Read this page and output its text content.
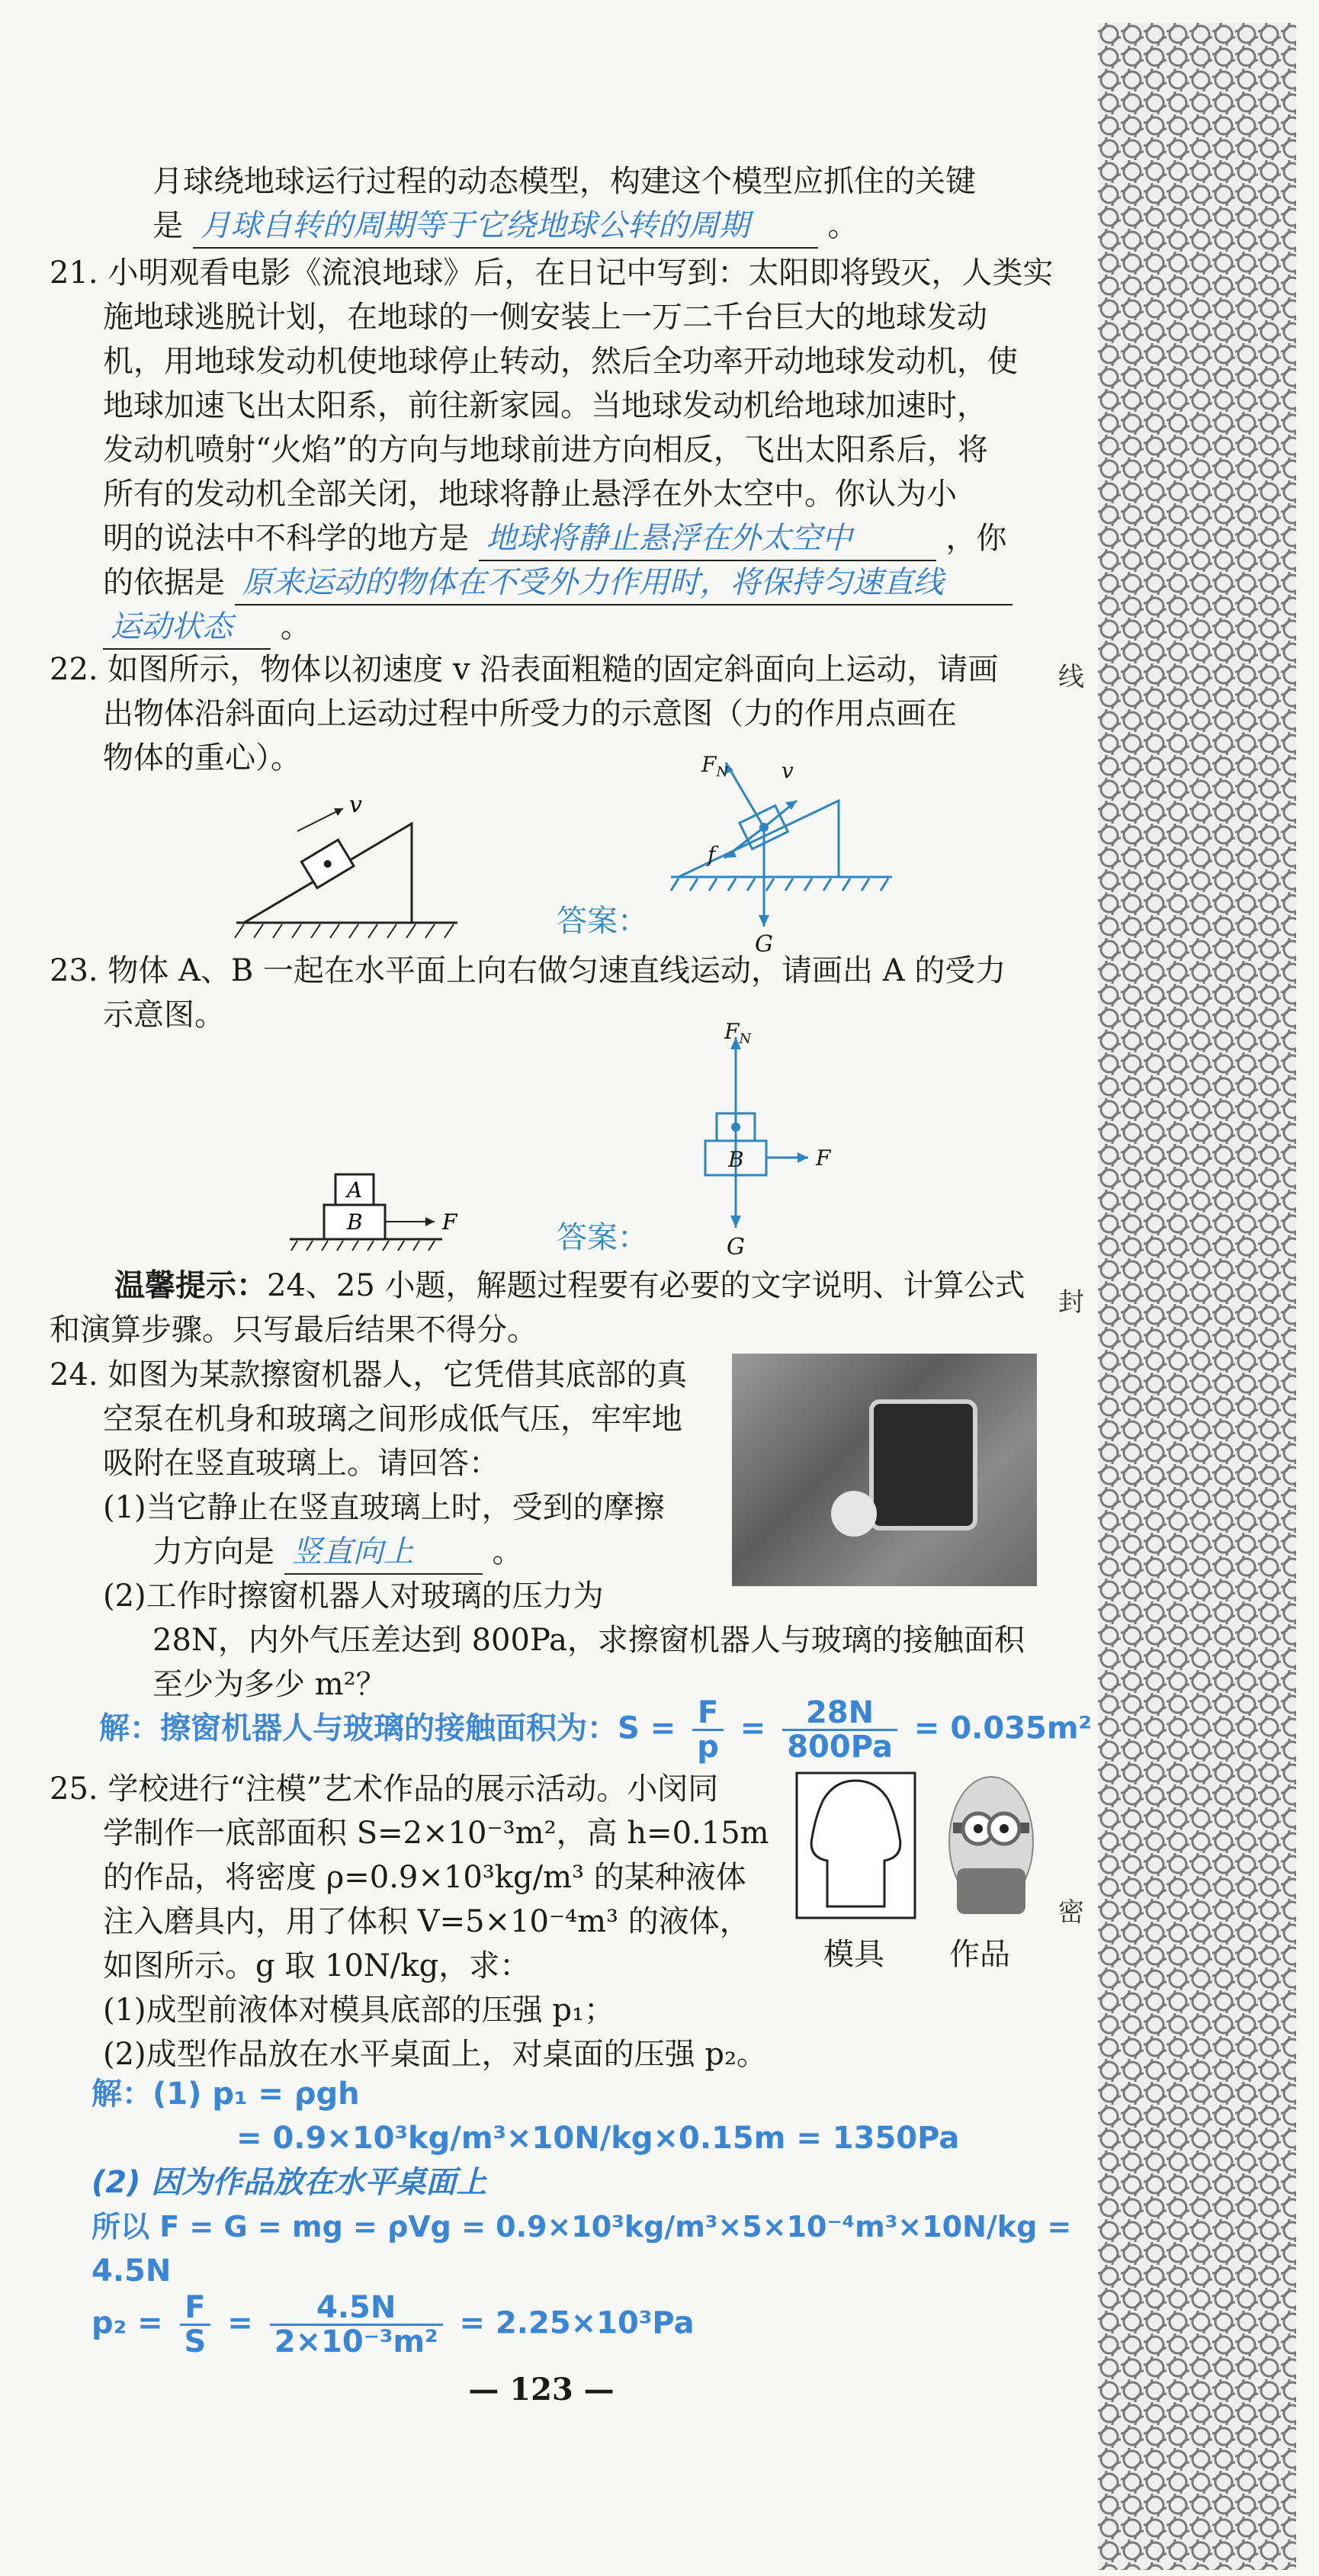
线
封
密
月球绕地球运行过程的动态模型，构建这个模型应抓住的关键
是 月球自转的周期等于它绕地球公转的周期	。
21. 小明观看电影《流浪地球》后，在日记中写到：太阳即将毁灭，人类实
施地球逃脱计划，在地球的一侧安装上一万二千台巨大的地球发动
机，用地球发动机使地球停止转动，然后全功率开动地球发动机，使
地球加速飞出太阳系，前往新家园。当地球发动机给地球加速时，
发动机喷射“火焰”的方向与地球前进方向相反，飞出太阳系后，将
所有的发动机全部关闭，地球将静止悬浮在外太空中。你认为小
明的说法中不科学的地方是 地球将静止悬浮在外太空中	，你
的依据是 原来运动的物体在不受外力作用时，将保持匀速直线
运动状态 。
22. 如图所示，物体以初速度 v 沿表面粗糙的固定斜面向上运动，请画
出物体沿斜面向上运动过程中所受力的示意图（力的作用点画在
物体的重心）。
v
答案：
$F_N$ v
f
G
23. 物体 A、B 一起在水平面上向右做匀速直线运动，请画出 A 的受力
示意图。
A
B	F	答案：
$F_N$
B	F
G
温馨提示：24、25 小题，解题过程要有必要的文字说明、计算公式
和演算步骤。只写最后结果不得分。
24. 如图为某款擦窗机器人，它凭借其底部的真
空泵在机身和玻璃之间形成低气压，牢牢地
吸附在竖直玻璃上。请回答：
(1)当它静止在竖直玻璃上时，受到的摩擦
力方向是 竖直向上	。
(2)工作时擦窗机器人对玻璃的压力为
28N，内外气压差达到 800Pa，求擦窗机器人与玻璃的接触面积
至少为多少 m²？
解：擦窗机器人与玻璃的接触面积为：$S = \frac{F}{p} = \frac{28N}{800Pa} = 0.035m^2$
25. 学校进行“注模”艺术作品的展示活动。小闵同
学制作一底部面积 S=2×10⁻³m²，高 h=0.15m
的作品，将密度 ρ=0.9×10³kg/m³ 的某种液体
注入磨具内，用了体积 V=5×10⁻⁴m³ 的液体，
如图所示。g 取 10N/kg，求：
(1)成型前液体对模具底部的压强 p₁；
(2)成型作品放在水平桌面上，对桌面的压强 p₂。
模具 作品
解：(1) p₁ = ρgh
= 0.9×10³kg/m³×10N/kg×0.15m = 1350Pa
(2) 因为作品放在水平桌面上
所以 F = G = mg = ρVg = 0.9×10³kg/m³×5×10⁻⁴m³×10N/kg =
4.5N
$p_2 = \frac{F}{S} = \frac{4.5N}{\text{2×10⁻³m²}} = 2.25\times 10^3Pa$
— 123 —
